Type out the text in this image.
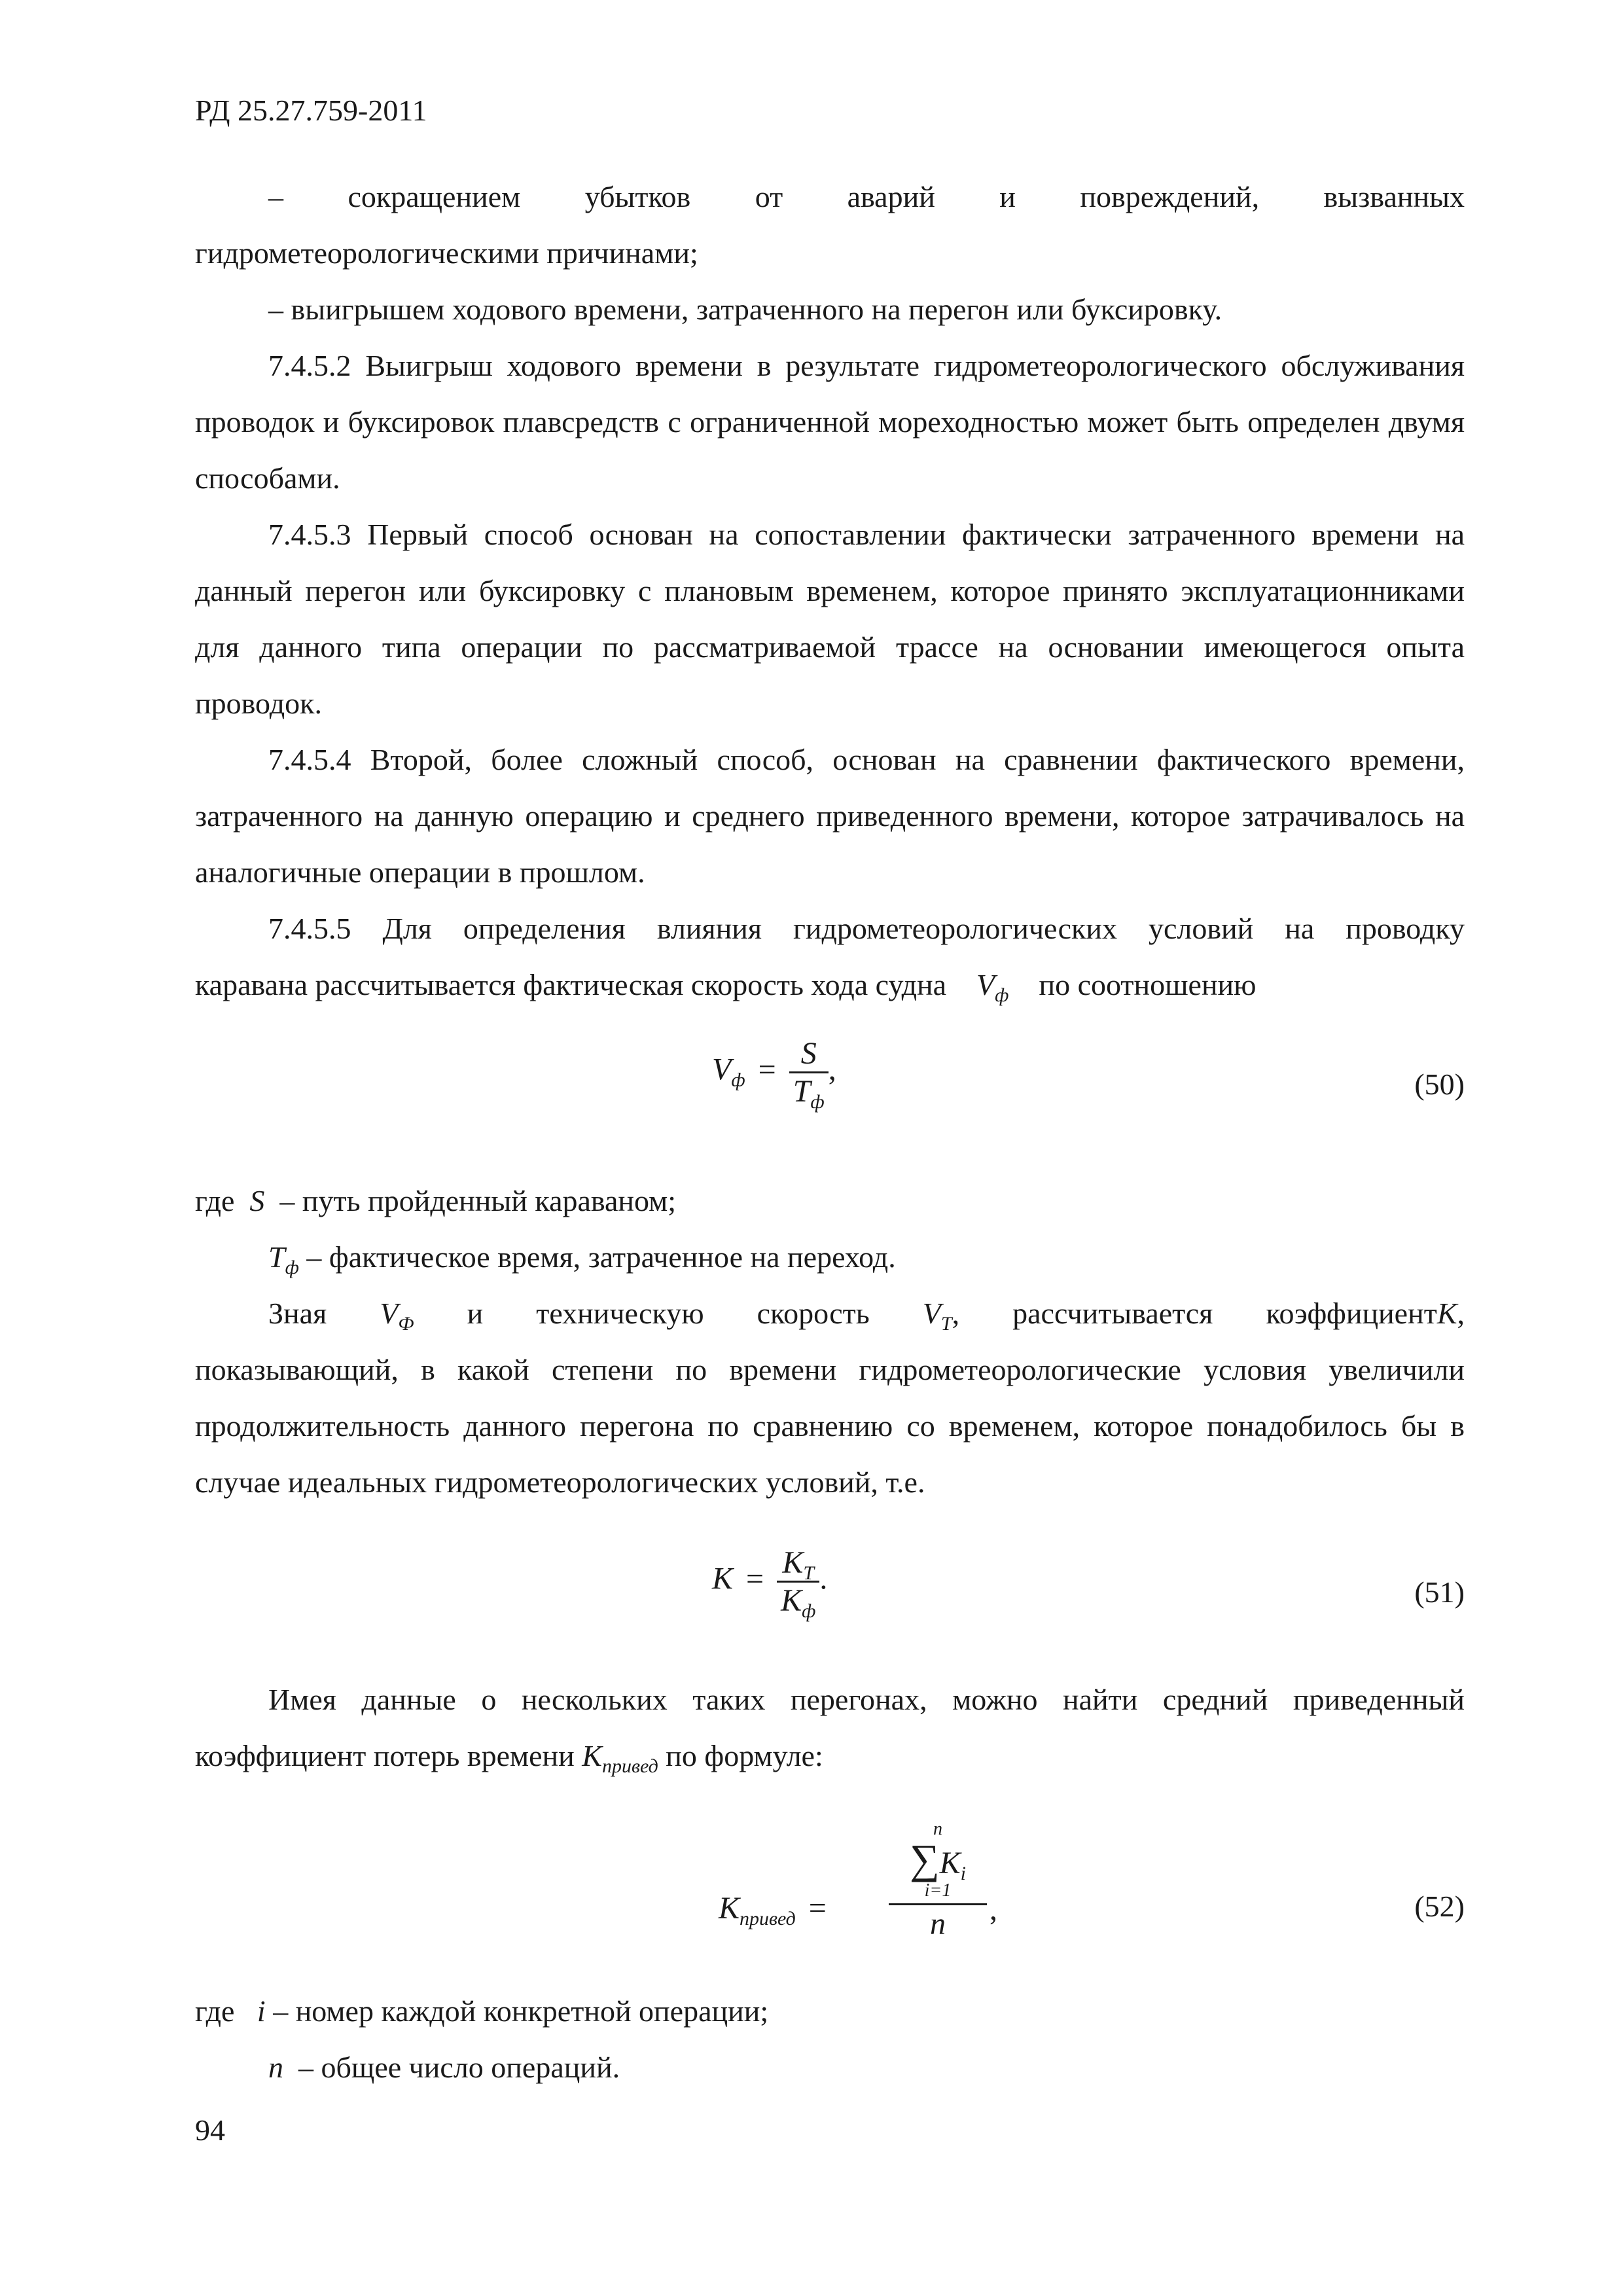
РД 25.27.759-2011

– сокращением убытков от аварий и повреждений, вызванных

гидрометеорологическими причинами;

– выигрышем ходового времени, затраченного на перегон или буксировку.

7.4.5.2 Выигрыш ходового времени в результате гидрометеорологического обслуживания проводок и буксировок плавсредств с ограниченной мореходностью может быть определен двумя способами.

7.4.5.3 Первый способ основан на сопоставлении фактически затраченного времени на данный перегон или буксировку с плановым временем, которое принято эксплуатационниками для данного типа операции по рассматриваемой трассе на основании имеющегося опыта проводок.

7.4.5.4 Второй, более сложный способ, основан на сравнении фактического времени, затраченного на данную операцию и среднего приведенного времени, которое затрачивалось на аналогичные операции в прошлом.

7.4.5.5 Для определения влияния гидрометеорологических условий на проводку

каравана рассчитывается фактическая скорость хода судна $V_ф$ по соотношению

$V_ф = \frac{S}{T_ф}$ ,	(50)

где S – путь пройденный караваном;

$T_ф$ – фактическое время, затраченное на переход.

Зная $V_Ф$ и техническую скорость $V_T$, рассчитывается коэффициентK,

показывающий, в какой степени по времени гидрометеорологические условия увеличили продолжительность данного перегона по сравнению со временем, которое понадобилось бы в случае идеальных гидрометеорологических условий, т.е.

$K = \frac{K_T}{K_ф}$ .	(51)

Имея данные о нескольких таких перегонах, можно найти средний приведенный

коэффициент потерь времени $K_{привед}$ по формуле:

$K_{привед}$ =
n
$\sum K_i$
i=1
n	,	(52)

где i – номер каждой конкретной операции;

n – общее число операций.

94
